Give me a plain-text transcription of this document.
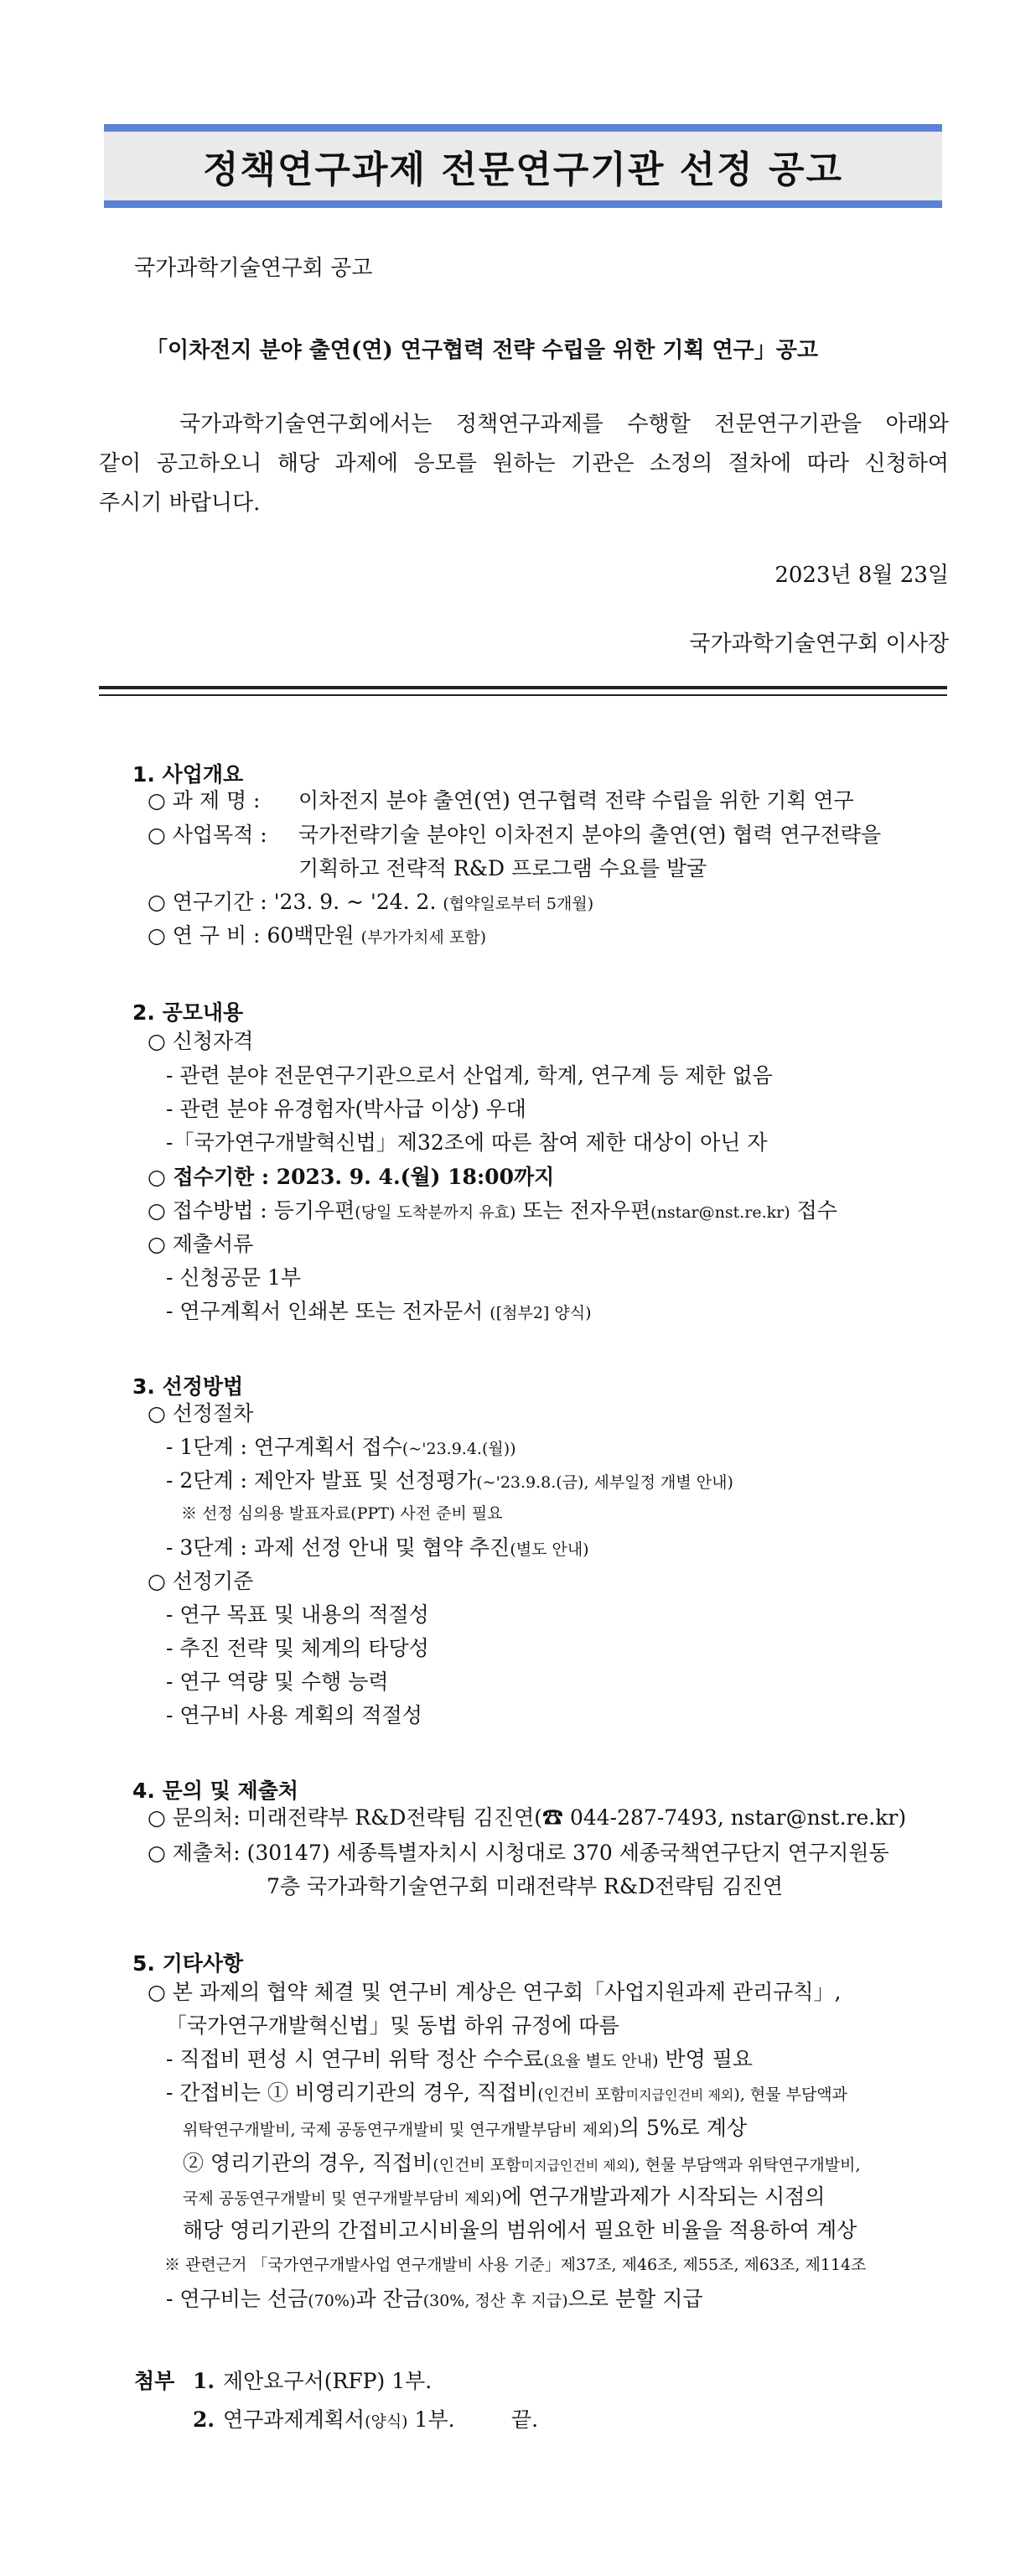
정책연구과제 전문연구기관 선정 공고
국가과학기술연구회 공고
「이차전지 분야 출연(연) 연구협력 전략 수립을 위한 기획 연구」공고
국가과학기술연구회에서는 정책연구과제를 수행할 전문연구기관을 아래와
같이 공고하오니 해당 과제에 응모를 원하는 기관은 소정의 절차에 따라 신청하여
주시기 바랍니다.
2023년 8월 23일
국가과학기술연구회 이사장
1. 사업개요
○ 과 제 명 : 이차전지 분야 출연(연) 연구협력 전략 수립을 위한 기획 연구
○ 사업목적 : 국가전략기술 분야인 이차전지 분야의 출연(연) 협력 연구전략을
기획하고 전략적 R&D 프로그램 수요를 발굴
○ 연구기간 : '23. 9. ~ '24. 2. (협약일로부터 5개월)
○ 연 구 비 : 60백만원 (부가가치세 포함)
2. 공모내용
○ 신청자격
- 관련 분야 전문연구기관으로서 산업계, 학계, 연구계 등 제한 없음
- 관련 분야 유경험자(박사급 이상) 우대
-「국가연구개발혁신법」제32조에 따른 참여 제한 대상이 아닌 자
○ 접수기한 : 2023. 9. 4.(월) 18:00까지
○ 접수방법 : 등기우편(당일 도착분까지 유효) 또는 전자우편(nstar@nst.re.kr) 접수
○ 제출서류
- 신청공문 1부
- 연구계획서 인쇄본 또는 전자문서 ([첨부2] 양식)
3. 선정방법
○ 선정절차
- 1단계 : 연구계획서 접수(~'23.9.4.(월))
- 2단계 : 제안자 발표 및 선정평가(~'23.9.8.(금), 세부일정 개별 안내)
※ 선정 심의용 발표자료(PPT) 사전 준비 필요
- 3단계 : 과제 선정 안내 및 협약 추진(별도 안내)
○ 선정기준
- 연구 목표 및 내용의 적절성
- 추진 전략 및 체계의 타당성
- 연구 역량 및 수행 능력
- 연구비 사용 계획의 적절성
4. 문의 및 제출처
○ 문의처: 미래전략부 R&D전략팀 김진연(☎ 044-287-7493, nstar@nst.re.kr)
○ 제출처: (30147) 세종특별자치시 시청대로 370 세종국책연구단지 연구지원동
7층 국가과학기술연구회 미래전략부 R&D전략팀 김진연
5. 기타사항
○ 본 과제의 협약 체결 및 연구비 계상은 연구회「사업지원과제 관리규칙」,
「국가연구개발혁신법」및 동법 하위 규정에 따름
- 직접비 편성 시 연구비 위탁 정산 수수료(요율 별도 안내) 반영 필요
- 간접비는 ① 비영리기관의 경우, 직접비(인건비 포함미지급인건비 제외), 현물 부담액과
위탁연구개발비, 국제 공동연구개발비 및 연구개발부담비 제외)의 5%로 계상
② 영리기관의 경우, 직접비(인건비 포함미지급인건비 제외), 현물 부담액과 위탁연구개발비,
국제 공동연구개발비 및 연구개발부담비 제외)에 연구개발과제가 시작되는 시점의
해당 영리기관의 간접비고시비율의 범위에서 필요한 비율을 적용하여 계상
※ 관련근거 「국가연구개발사업 연구개발비 사용 기준」제37조, 제46조, 제55조, 제63조, 제114조
- 연구비는 선금(70%)과 잔금(30%, 정산 후 지급)으로 분할 지급
첨부 1. 제안요구서(RFP) 1부.
2. 연구과제계획서(양식) 1부.	끝.
